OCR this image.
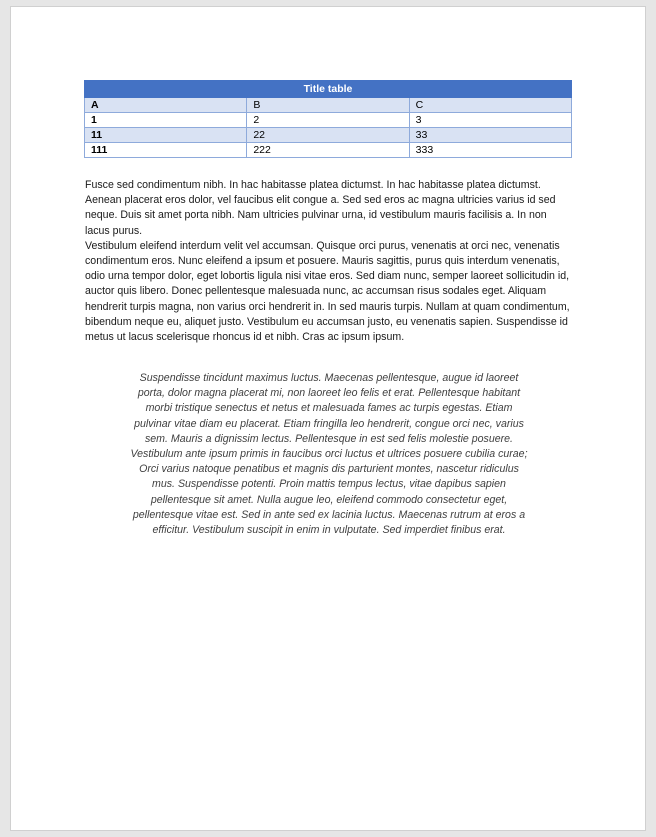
Title table		
A	B	C
1	2	3
11	22	33
111	222	333

Fusce sed condimentum nibh. In hac habitasse platea dictumst. In hac habitasse platea dictumst. Aenean placerat eros dolor, vel faucibus elit congue a. Sed sed eros ac magna ultricies varius id sed neque. Duis sit amet porta nibh. Nam ultricies pulvinar urna, id vestibulum mauris facilisis a. In non lacus purus.

Vestibulum eleifend interdum velit vel accumsan. Quisque orci purus, venenatis at orci nec, venenatis condimentum eros. Nunc eleifend a ipsum et posuere. Mauris sagittis, purus quis interdum venenatis, odio urna tempor dolor, eget lobortis ligula nisi vitae eros. Sed diam nunc, semper laoreet sollicitudin id, auctor quis libero. Donec pellentesque malesuada nunc, ac accumsan risus sodales eget. Aliquam hendrerit turpis magna, non varius orci hendrerit in. In sed mauris turpis. Nullam at quam condimentum, bibendum neque eu, aliquet justo. Vestibulum eu accumsan justo, eu venenatis sapien. Suspendisse id metus ut lacus scelerisque rhoncus id et nibh. Cras ac ipsum ipsum.

Suspendisse tincidunt maximus luctus. Maecenas pellentesque, augue id laoreet porta, dolor magna placerat mi, non laoreet leo felis et erat. Pellentesque habitant morbi tristique senectus et netus et malesuada fames ac turpis egestas. Etiam pulvinar vitae diam eu placerat. Etiam fringilla leo hendrerit, congue orci nec, varius sem. Mauris a dignissim lectus. Pellentesque in est sed felis molestie posuere. Vestibulum ante ipsum primis in faucibus orci luctus et ultrices posuere cubilia curae; Orci varius natoque penatibus et magnis dis parturient montes, nascetur ridiculus mus. Suspendisse potenti. Proin mattis tempus lectus, vitae dapibus sapien pellentesque sit amet. Nulla augue leo, eleifend commodo consectetur eget, pellentesque vitae est. Sed in ante sed ex lacinia luctus. Maecenas rutrum at eros a efficitur. Vestibulum suscipit in enim in vulputate. Sed imperdiet finibus erat.
